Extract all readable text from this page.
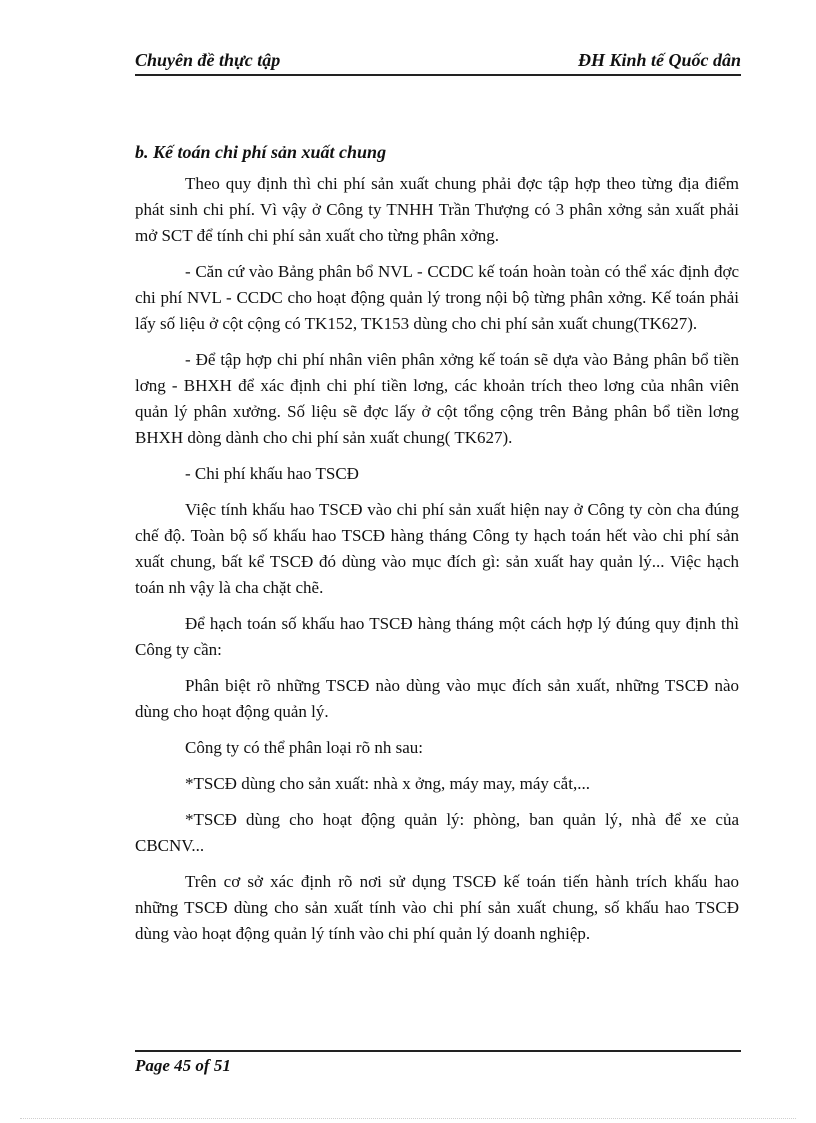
Chuyên đề thực tập	ĐH Kinh tế Quốc dân
b. Kế toán chi phí sản xuất chung

Theo quy định thì chi phí sản xuất chung phải đợc tập hợp theo từng địa điểm phát sinh chi phí. Vì vậy ở Công ty TNHH Trần Thượng có 3 phân xởng sản xuất phải mở SCT để tính chi phí sản xuất cho từng phân xởng.

- Căn cứ vào Bảng phân bổ NVL - CCDC kế toán hoàn toàn có thể xác định đợc chi phí NVL - CCDC cho hoạt động quản lý trong nội bộ từng phân xởng. Kế toán phải lấy số liệu ở cột cộng có TK152, TK153 dùng cho chi phí sản xuất chung(TK627).

- Để tập hợp chi phí nhân viên phân xởng kế toán sẽ dựa vào Bảng phân bổ tiền lơng - BHXH để xác định chi phí tiền lơng, các khoản trích theo lơng của nhân viên quản lý phân xưởng. Số liệu sẽ đợc lấy ở cột tổng cộng trên Bảng phân bổ tiền lơng BHXH dòng dành cho chi phí sản xuất chung( TK627).

- Chi phí khấu hao TSCĐ

Việc tính khấu hao TSCĐ vào chi phí sản xuất hiện nay ở Công ty còn cha đúng chế độ. Toàn bộ số khấu hao TSCĐ hàng tháng Công ty hạch toán hết vào chi phí sản xuất chung, bất kể TSCĐ đó dùng vào mục đích gì: sản xuất hay quản lý... Việc hạch toán nh vậy là cha chặt chẽ.

Để hạch toán số khấu hao TSCĐ hàng tháng một cách hợp lý đúng quy định thì Công ty cần:

Phân biệt rõ những TSCĐ nào dùng vào mục đích sản xuất, những TSCĐ nào dùng cho hoạt động quản lý.

Công ty có thể phân loại rõ nh sau:

*TSCĐ dùng cho sản xuất: nhà x ởng, máy may, máy cắt,...

*TSCĐ dùng cho hoạt động quản lý: phòng, ban quản lý, nhà để xe của CBCNV...

Trên cơ sở xác định rõ nơi sử dụng TSCĐ kế toán tiến hành trích khấu hao những TSCĐ dùng cho sản xuất tính vào chi phí sản xuất chung, số khấu hao TSCĐ dùng vào hoạt động quản lý tính vào chi phí quản lý doanh nghiệp.

Page 45 of 51
